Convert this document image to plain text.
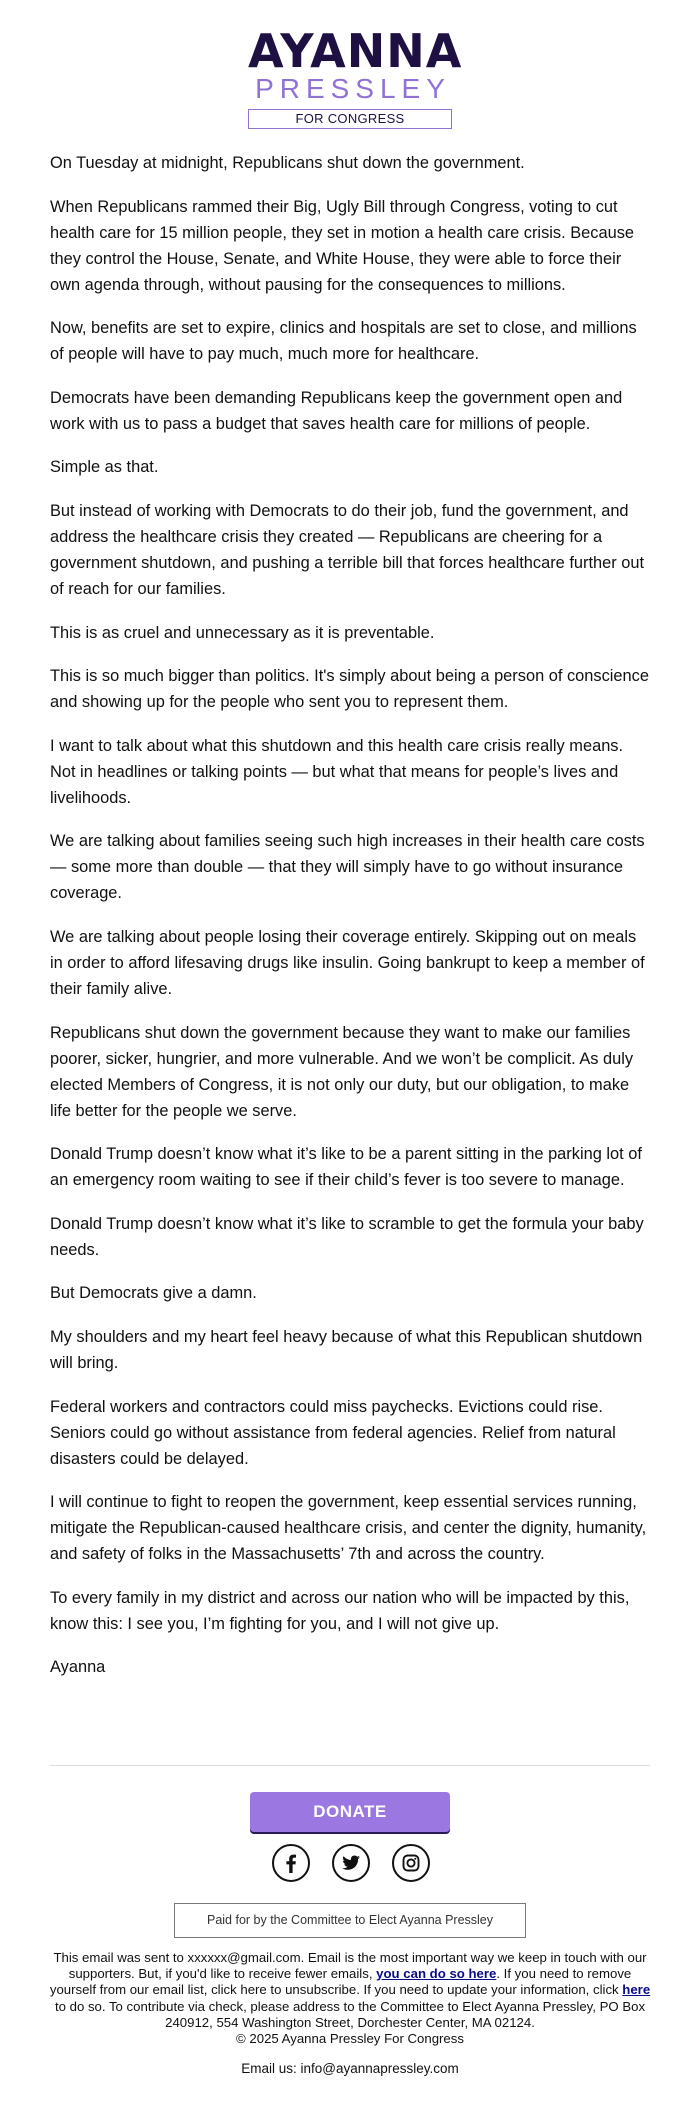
AYANNA
PRESSLEY
FOR CONGRESS

On Tuesday at midnight, Republicans shut down the government.

When Republicans rammed their Big, Ugly Bill through Congress, voting to cut health care for 15 million people, they set in motion a health care crisis. Because they control the House, Senate, and White House, they were able to force their own agenda through, without pausing for the consequences to millions.

Now, benefits are set to expire, clinics and hospitals are set to close, and millions of people will have to pay much, much more for healthcare.

Democrats have been demanding Republicans keep the government open and work with us to pass a budget that saves health care for millions of people.

Simple as that.

But instead of working with Democrats to do their job, fund the government, and address the healthcare crisis they created — Republicans are cheering for a government shutdown, and pushing a terrible bill that forces healthcare further out of reach for our families.

This is as cruel and unnecessary as it is preventable.

This is so much bigger than politics. It's simply about being a person of conscience and showing up for the people who sent you to represent them.

I want to talk about what this shutdown and this health care crisis really means. Not in headlines or talking points — but what that means for people’s lives and livelihoods.

We are talking about families seeing such high increases in their health care costs — some more than double — that they will simply have to go without insurance coverage.

We are talking about people losing their coverage entirely. Skipping out on meals in order to afford lifesaving drugs like insulin. Going bankrupt to keep a member of their family alive.

Republicans shut down the government because they want to make our families poorer, sicker, hungrier, and more vulnerable. And we won’t be complicit. As duly elected Members of Congress, it is not only our duty, but our obligation, to make life better for the people we serve.

Donald Trump doesn’t know what it’s like to be a parent sitting in the parking lot of an emergency room waiting to see if their child’s fever is too severe to manage.

Donald Trump doesn’t know what it’s like to scramble to get the formula your baby needs.

But Democrats give a damn.

My shoulders and my heart feel heavy because of what this Republican shutdown will bring.

Federal workers and contractors could miss paychecks. Evictions could rise. Seniors could go without assistance from federal agencies. Relief from natural disasters could be delayed.

I will continue to fight to reopen the government, keep essential services running, mitigate the Republican-caused healthcare crisis, and center the dignity, humanity, and safety of folks in the Massachusetts’ 7th and across the country.

To every family in my district and across our nation who will be impacted by this, know this: I see you, I’m fighting for you, and I will not give up.

Ayanna

DONATE
Paid for by the Committee to Elect Ayanna Pressley
This email was sent to xxxxxx@gmail.com. Email is the most important way we keep in touch with our supporters. But, if you'd like to receive fewer emails, you can do so here. If you need to remove yourself from our email list, click here to unsubscribe. If you need to update your information, click here to do so. To contribute via check, please address to the Committee to Elect Ayanna Pressley, PO Box 240912, 554 Washington Street, Dorchester Center, MA 02124.
© 2025 Ayanna Pressley For Congress
Email us: info@ayannapressley.com
